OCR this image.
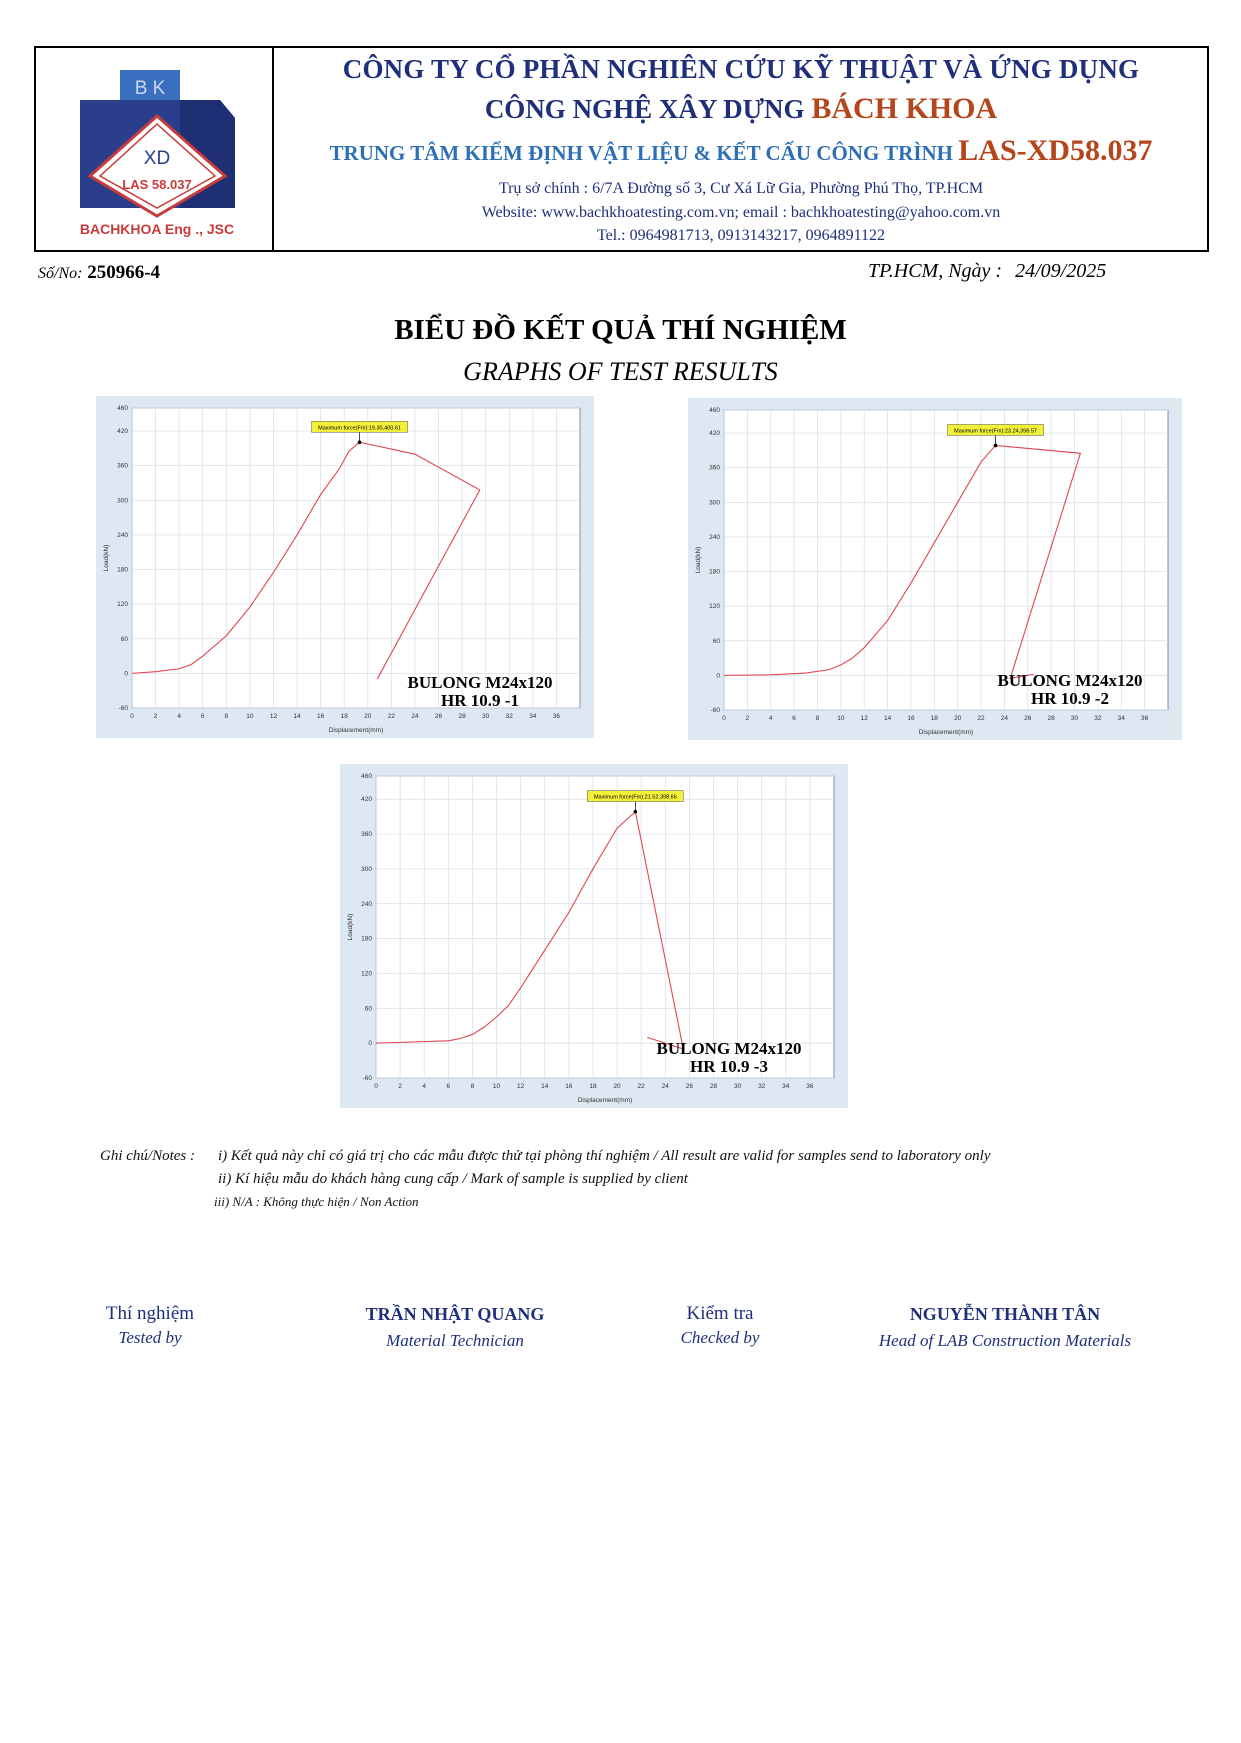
B K
XD
LAS 58.037
BACHKHOA Eng ., JSC
CÔNG TY CỔ PHẦN NGHIÊN CỨU KỸ THUẬT VÀ ỨNG DỤNG
CÔNG NGHỆ XÂY DỰNG BÁCH KHOA
TRUNG TÂM KIỂM ĐỊNH VẬT LIỆU & KẾT CẤU CÔNG TRÌNH LAS-XD58.037
Trụ sở chính : 6/7A Đường số 3, Cư Xá Lữ Gia, Phường Phú Thọ, TP.HCM
Website: www.bachkhoatesting.com.vn; email : bachkhoatesting@yahoo.com.vn
Tel.: 0964981713, 0913143217, 0964891122
Số/No: 250966-4	TP.HCM, Ngày : 24/09/2025
BIỂU ĐỒ KẾT QUẢ THÍ NGHIỆM
GRAPHS OF TEST RESULTS
0	2	4	6	8	10	12	14	16	18	20	22	24	26	28	30	32	34	36
-60
0
60
120
180
240
300
360
420
460
Displacement(mm)
Load(kN)
Maximum force(Fm):19.30,400.61
BULONG M24x120
HR 10.9 -1
0	2	4	6	8	10 12 14 16 18 20 22 24 26 28 30 32 34 36
-60
0
60
120
180
240
300
360
420
460
Displacement(mm)
Load(kN)
Maximum force(Fm):23.24,398.57
BULONG M24x120
HR 10.9 -2
0	2	4	6	8	10	12	14	16	18	20	22	24	26	28	30	32	34	36
-60
0
60
120
180
240
300
360
420
460
Displacement(mm)
Load(kN)
Maximum force(Fm):21.52,398.66
BULONG M24x120
HR 10.9 -3
Ghi chú/Notes : i) Kết quả này chỉ có giá trị cho các mẫu được thử tại phòng thí nghiệm / All result are valid for samples send to laboratory only
ii) Kí hiệu mẫu do khách hàng cung cấp / Mark of sample is supplied by client
iii) N/A : Không thực hiện / Non Action
Thí nghiệm
Tested by
TRẦN NHẬT QUANG
Material Technician
Kiểm tra
Checked by
NGUYỄN THÀNH TÂN
Head of LAB Construction Materials
